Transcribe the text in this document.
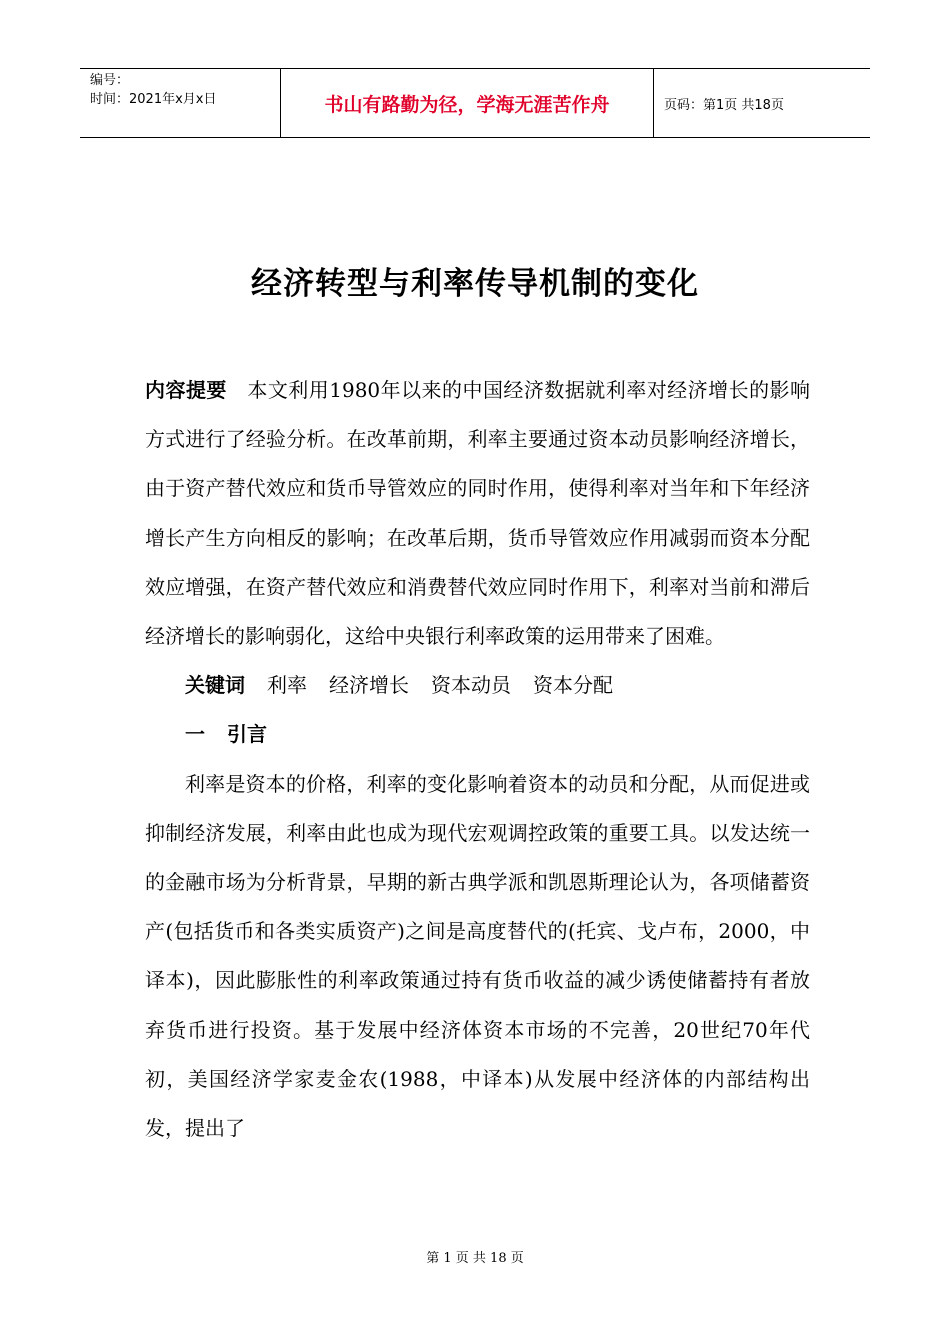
编号：
时间：2021年x月x日	书山有路勤为径，学海无涯苦作舟	页码：第1页 共18页
经济转型与利率传导机制的变化

内容提要 本文利用1980年以来的中国经济数据就利率对经济增长的影响方式进行了经验分析。在改革前期，利率主要通过资本动员影响经济增长，由于资产替代效应和货币导管效应的同时作用，使得利率对当年和下年经济增长产生方向相反的影响；在改革后期，货币导管效应作用减弱而资本分配效应增强，在资产替代效应和消费替代效应同时作用下，利率对当前和滞后经济增长的影响弱化，这给中央银行利率政策的运用带来了困难。

关键词 利率 经济增长 资本动员 资本分配

一 引言

利率是资本的价格，利率的变化影响着资本的动员和分配，从而促进或抑制经济发展，利率由此也成为现代宏观调控政策的重要工具。以发达统一的金融市场为分析背景，早期的新古典学派和凯恩斯理论认为，各项储蓄资产(包括货币和各类实质资产)之间是高度替代的(托宾、戈卢布，2000，中译本)，因此膨胀性的利率政策通过持有货币收益的减少诱使储蓄持有者放弃货币进行投资。基于发展中经济体资本市场的不完善，20世纪70年代初，美国经济学家麦金农(1988，中译本)从发展中经济体的内部结构出发，提出了

第 1 页 共 18 页
